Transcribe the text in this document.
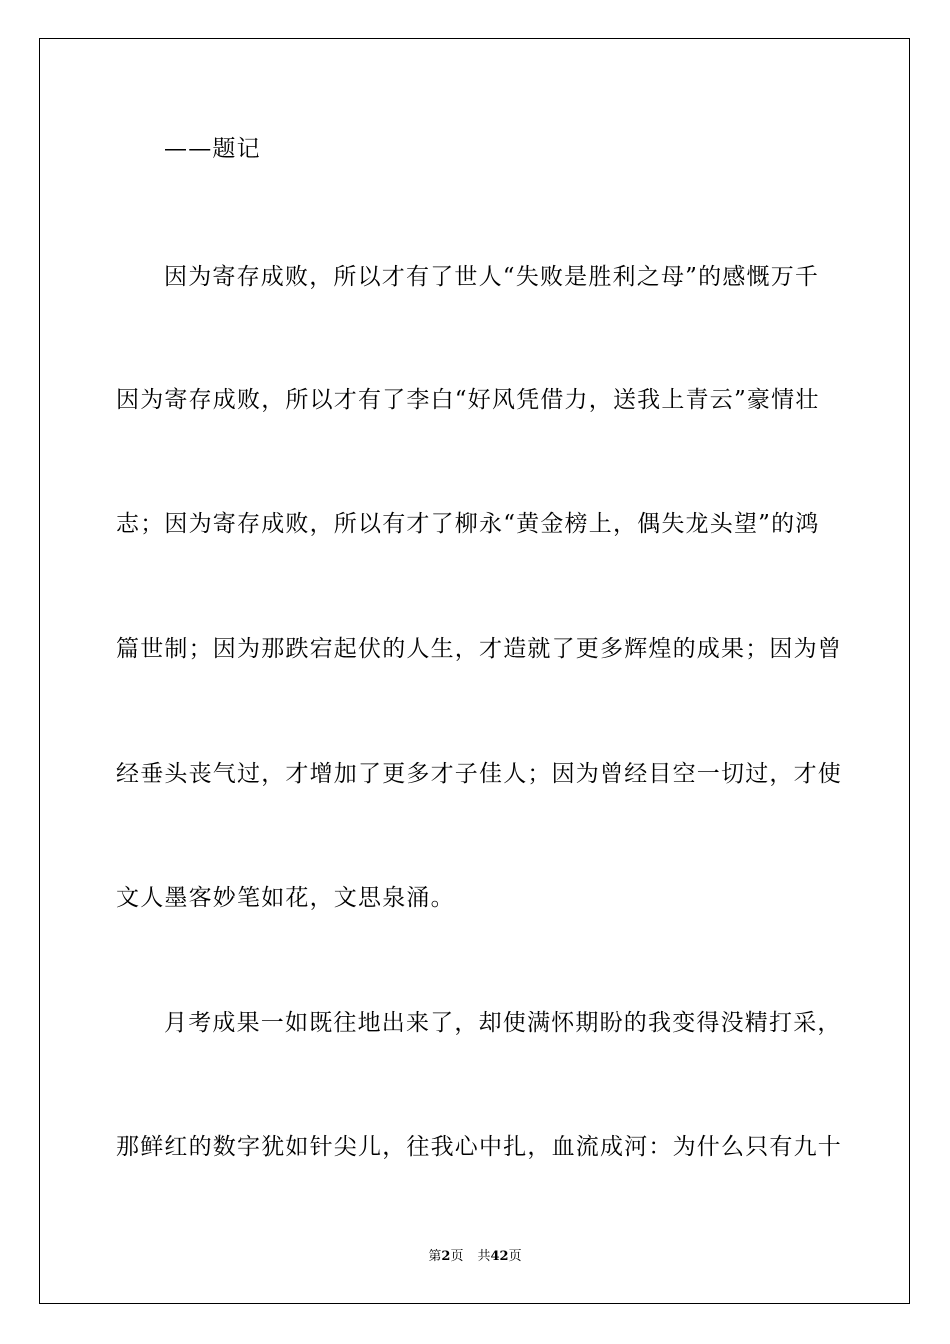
——题记
因为寄存成败，所以才有了世人“失败是胜利之母”的感慨万千
因为寄存成败，所以才有了李白“好风凭借力，送我上青云”豪情壮
志；因为寄存成败，所以有才了柳永“黄金榜上，偶失龙头望”的鸿
篇世制；因为那跌宕起伏的人生，才造就了更多辉煌的成果；因为曾
经垂头丧气过，才增加了更多才子佳人；因为曾经目空一切过，才使
文人墨客妙笔如花，文思泉涌。
月考成果一如既往地出来了，却使满怀期盼的我变得没精打采，
那鲜红的数字犹如针尖儿，往我心中扎，血流成河：为什么只有九十
第2页 共42页
